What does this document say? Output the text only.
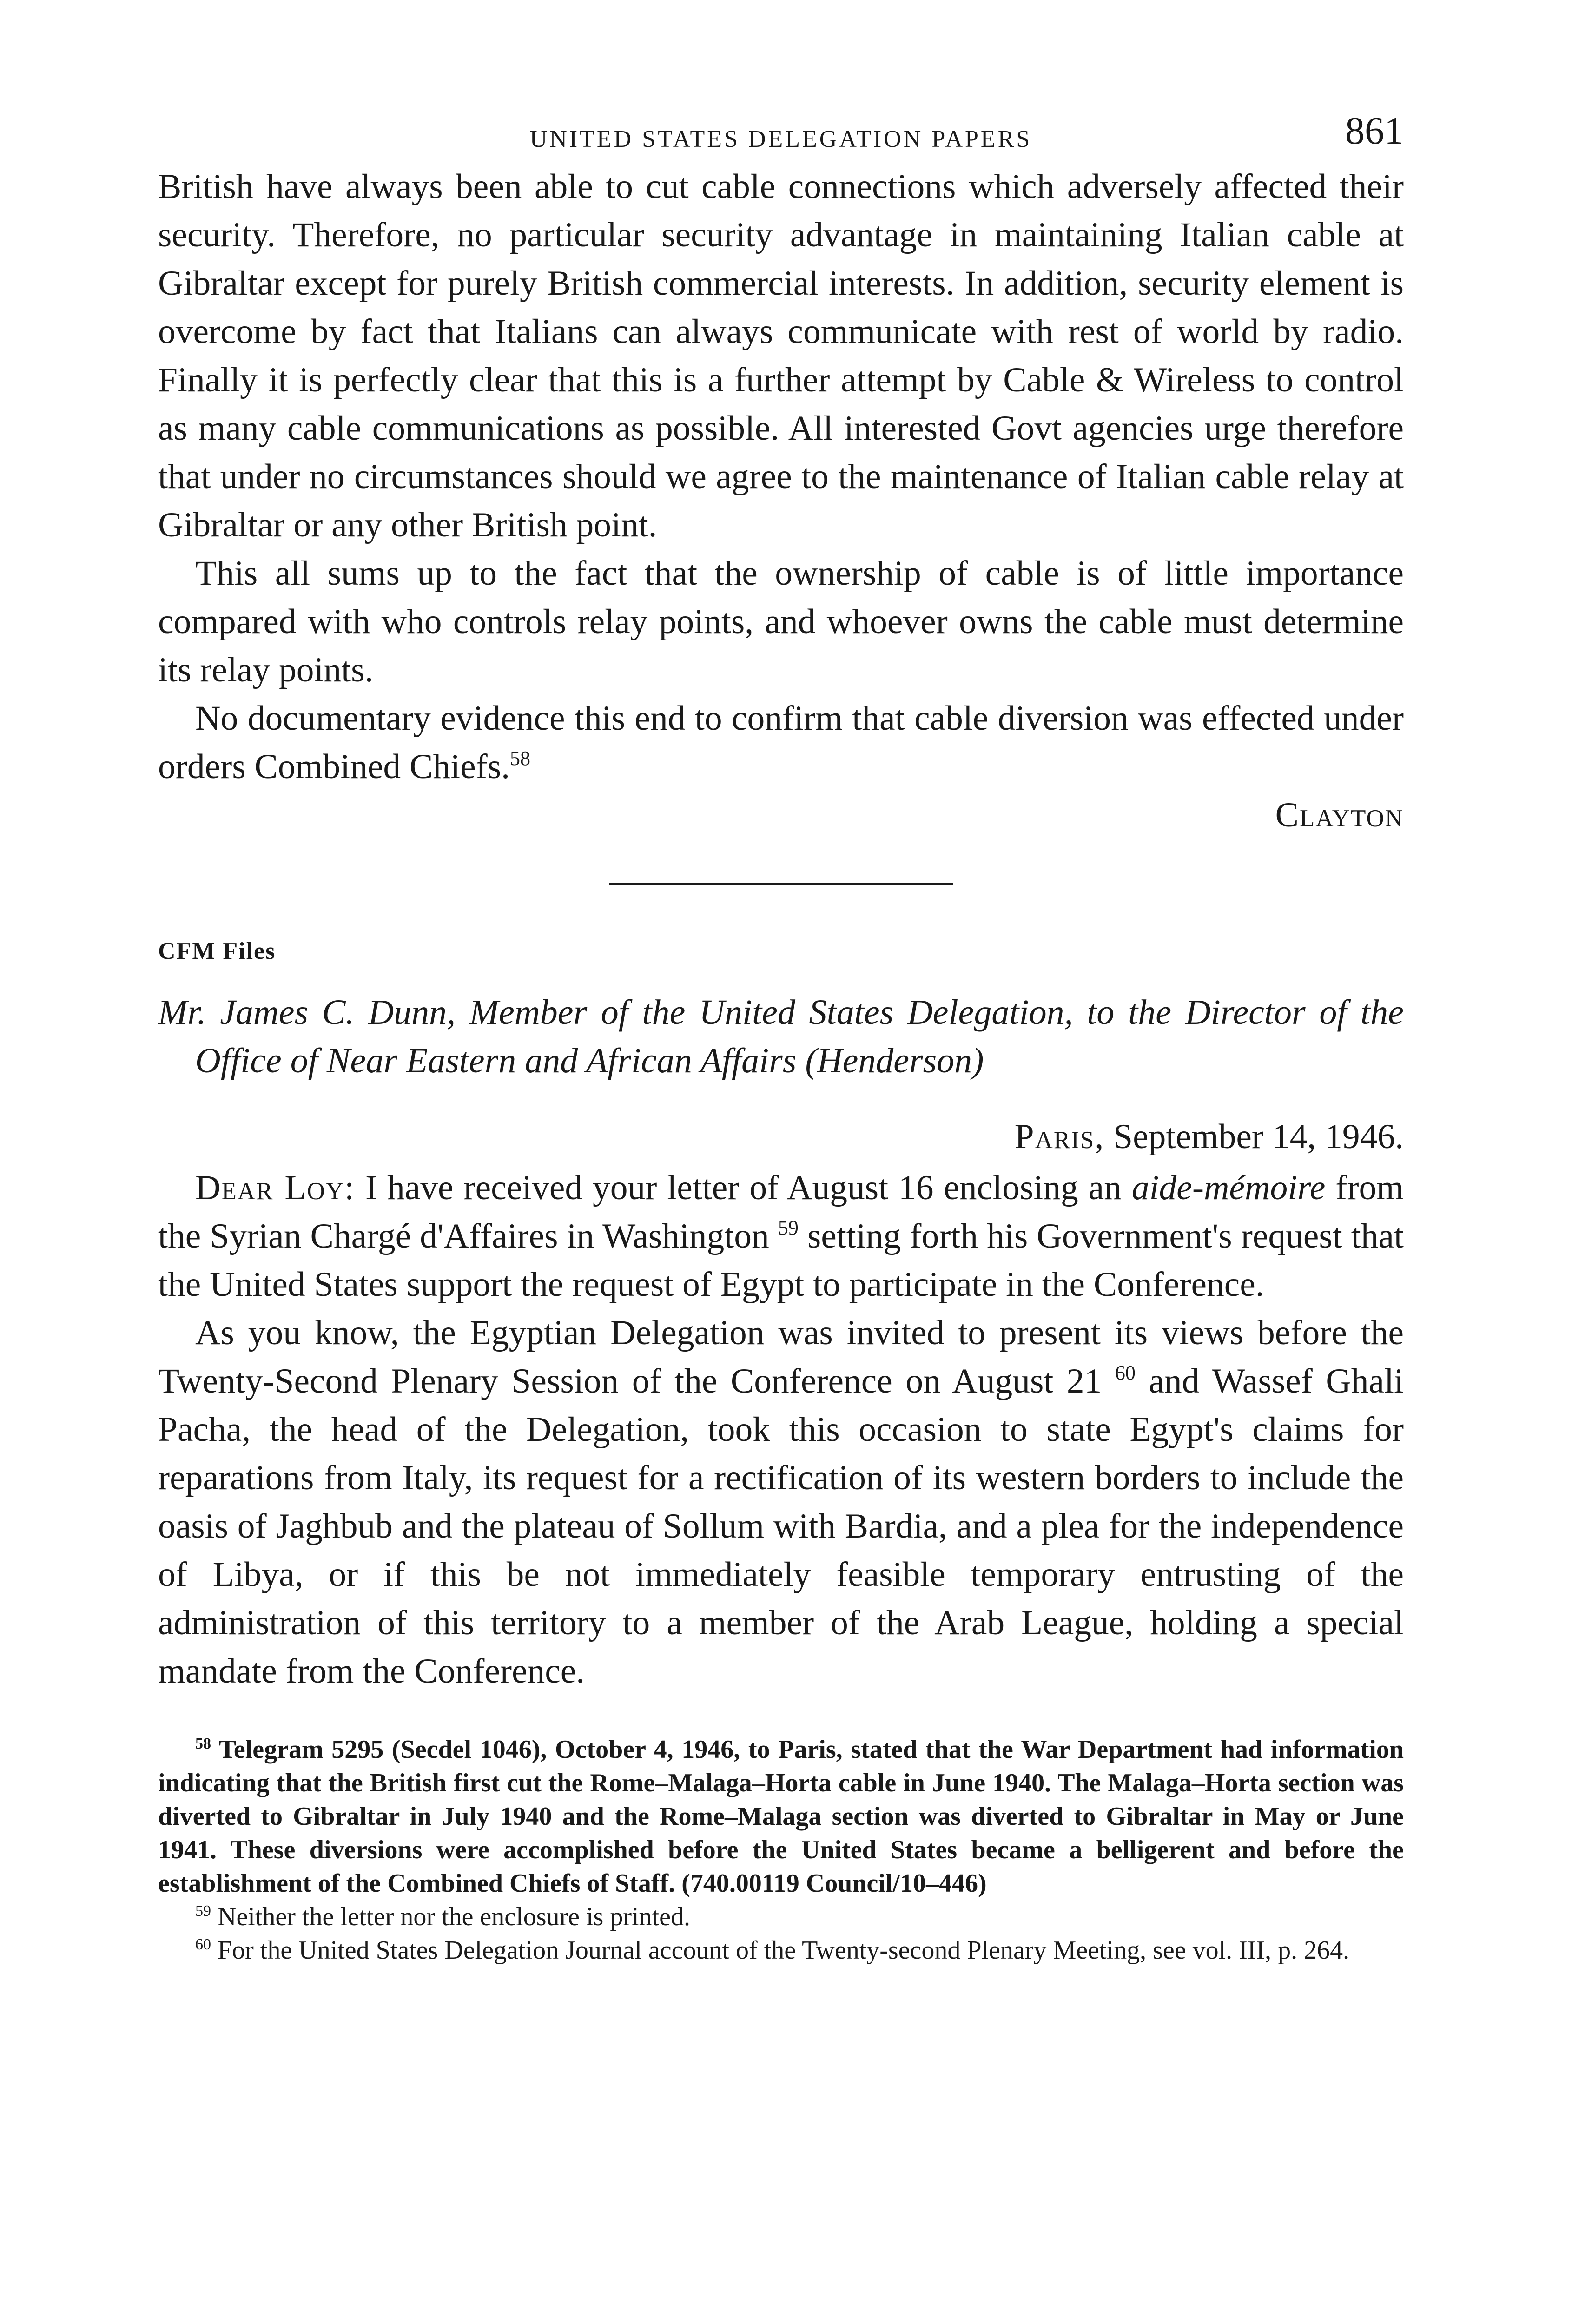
UNITED STATES DELEGATION PAPERS	861

British have always been able to cut cable connections which adversely affected their security. Therefore, no particular security advantage in maintaining Italian cable at Gibraltar except for purely British commercial interests. In addition, security element is overcome by fact that Italians can always communicate with rest of world by radio. Finally it is perfectly clear that this is a further attempt by Cable & Wireless to control as many cable communications as possible. All interested Govt agencies urge therefore that under no circumstances should we agree to the maintenance of Italian cable relay at Gibraltar or any other British point.

This all sums up to the fact that the ownership of cable is of little importance compared with who controls relay points, and whoever owns the cable must determine its relay points.

No documentary evidence this end to confirm that cable diversion was effected under orders Combined Chiefs.$^{58}$

Clayton

CFM Files

Mr. James C. Dunn, Member of the United States Delegation, to the Director of the Office of Near Eastern and African Affairs (Henderson)

Paris, September 14, 1946.

Dear Loy: I have received your letter of August 16 enclosing an aide-mémoire from the Syrian Chargé d'Affaires in Washington $^{59}$ setting forth his Government's request that the United States support the request of Egypt to participate in the Conference.

As you know, the Egyptian Delegation was invited to present its views before the Twenty-Second Plenary Session of the Conference on August 21 $^{60}$ and Wassef Ghali Pacha, the head of the Delegation, took this occasion to state Egypt's claims for reparations from Italy, its request for a rectification of its western borders to include the oasis of Jaghbub and the plateau of Sollum with Bardia, and a plea for the independence of Libya, or if this be not immediately feasible temporary entrusting of the administration of this territory to a member of the Arab League, holding a special mandate from the Conference.

$^{58}$ Telegram 5295 (Secdel 1046), October 4, 1946, to Paris, stated that the War Department had information indicating that the British first cut the Rome–Malaga–Horta cable in June 1940. The Malaga–Horta section was diverted to Gibraltar in July 1940 and the Rome–Malaga section was diverted to Gibraltar in May or June 1941. These diversions were accomplished before the United States became a belligerent and before the establishment of the Combined Chiefs of Staff. (740.00119 Council/10–446)

$^{59}$ Neither the letter nor the enclosure is printed.

$^{60}$ For the United States Delegation Journal account of the Twenty-second Plenary Meeting, see vol. III, p. 264.
